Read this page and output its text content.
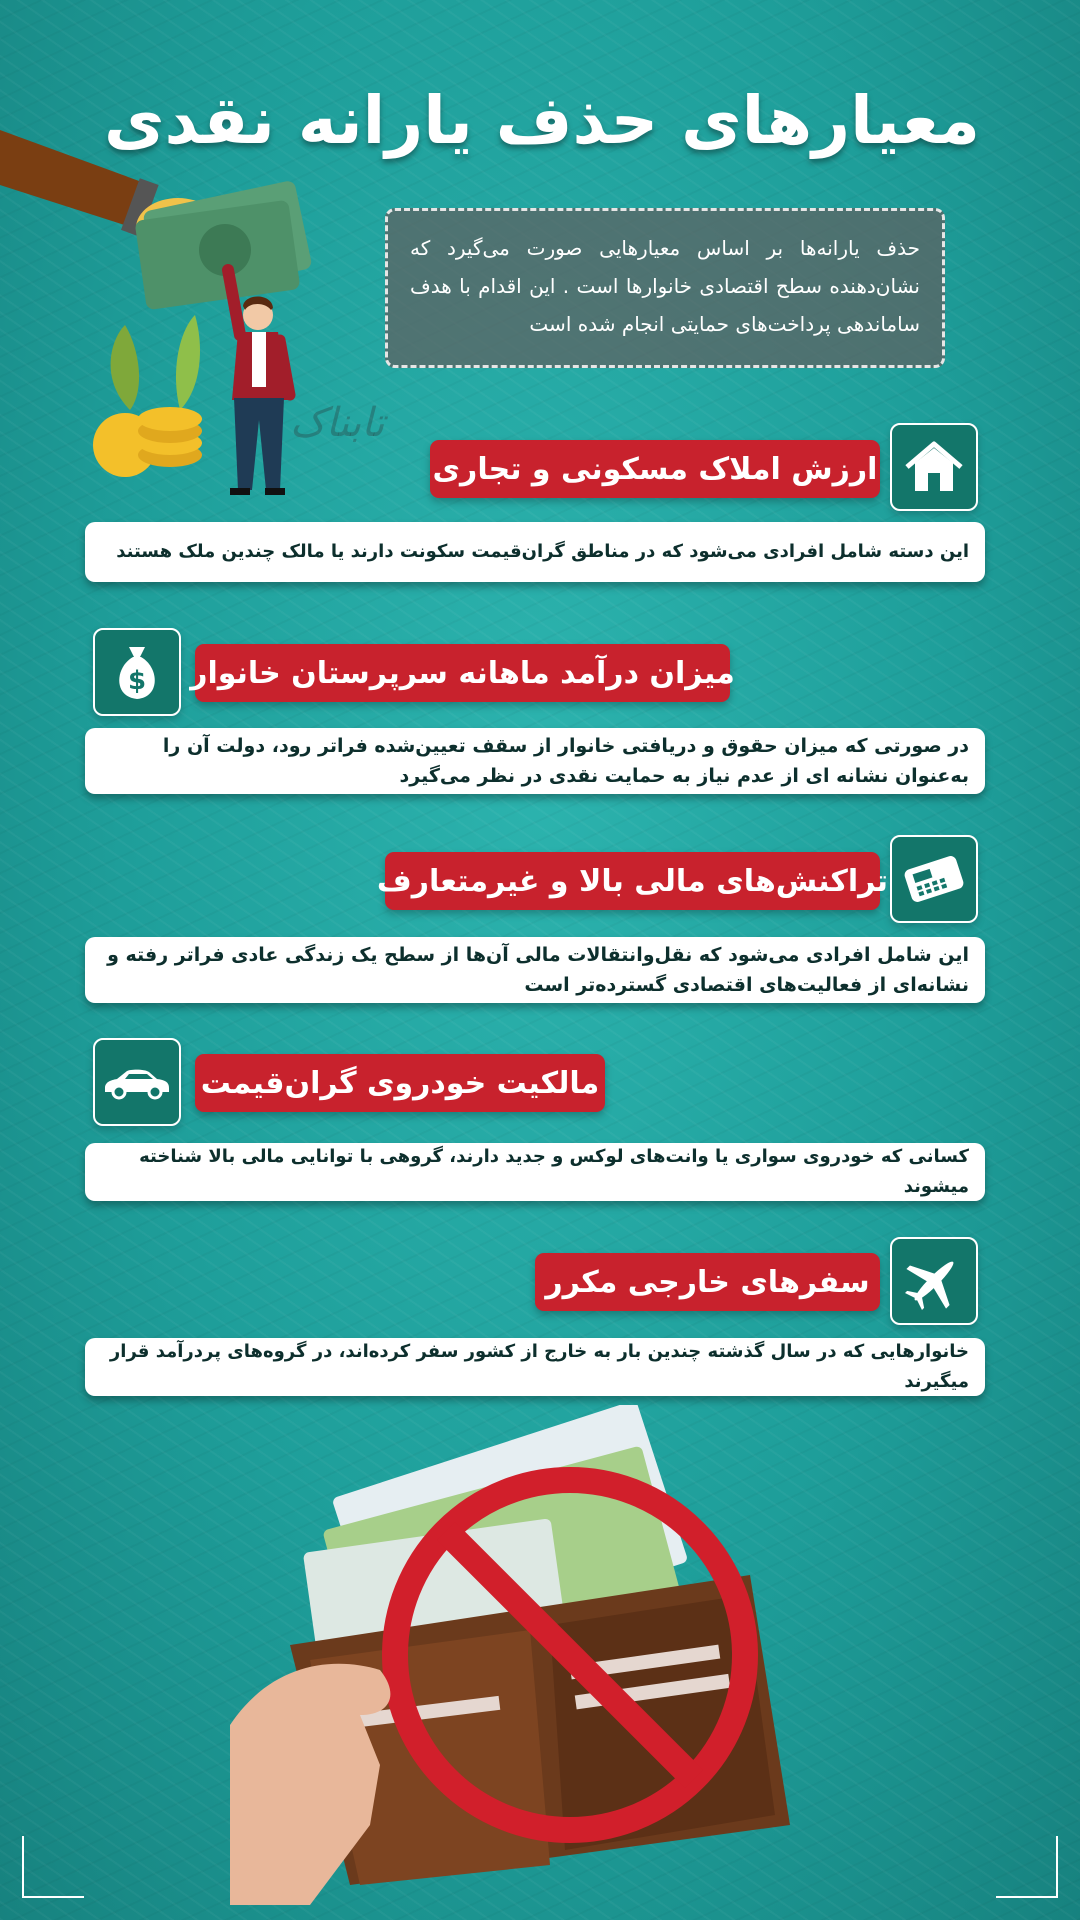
معیارهای حذف یارانه نقدی
تابناک
حذف یارانه‌ها بر اساس معیارهایی صورت می‌گیرد که نشان‌دهنده سطح اقتصادی خانوارها است . این اقدام با هدف ساماندهی پرداخت‌های حمایتی انجام شده است
ارزش املاک مسکونی و تجاری
این دسته شامل افرادی می‌شود که در مناطق گران‌قیمت سکونت دارند یا مالک چندین ملک هستند
$ میزان درآمد ماهانه سرپرستان خانوار
در صورتی که میزان حقوق و دریافتی خانوار از سقف تعیین‌شده فراتر رود، دولت آن را به‌عنوان نشانه ای از عدم نیاز به حمایت نقدی در نظر می‌گیرد
تراکنش‌های مالی بالا و غیرمتعارف
این شامل افرادی می‌شود که نقل‌وانتقالات مالی آن‌ها از سطح یک زندگی عادی فراتر رفته و نشانه‌ای از فعالیت‌های اقتصادی گسترده‌تر است
مالکیت خودروی گران‌قیمت
کسانی که خودروی سواری یا وانت‌های لوکس و جدید دارند، گروهی با توانایی مالی بالا شناخته میشوند
سفرهای خارجی مکرر
خانوارهایی که در سال گذشته چندین بار به خارج از کشور سفر کرده‌اند، در گروه‌های پردرآمد قرار میگیرند
